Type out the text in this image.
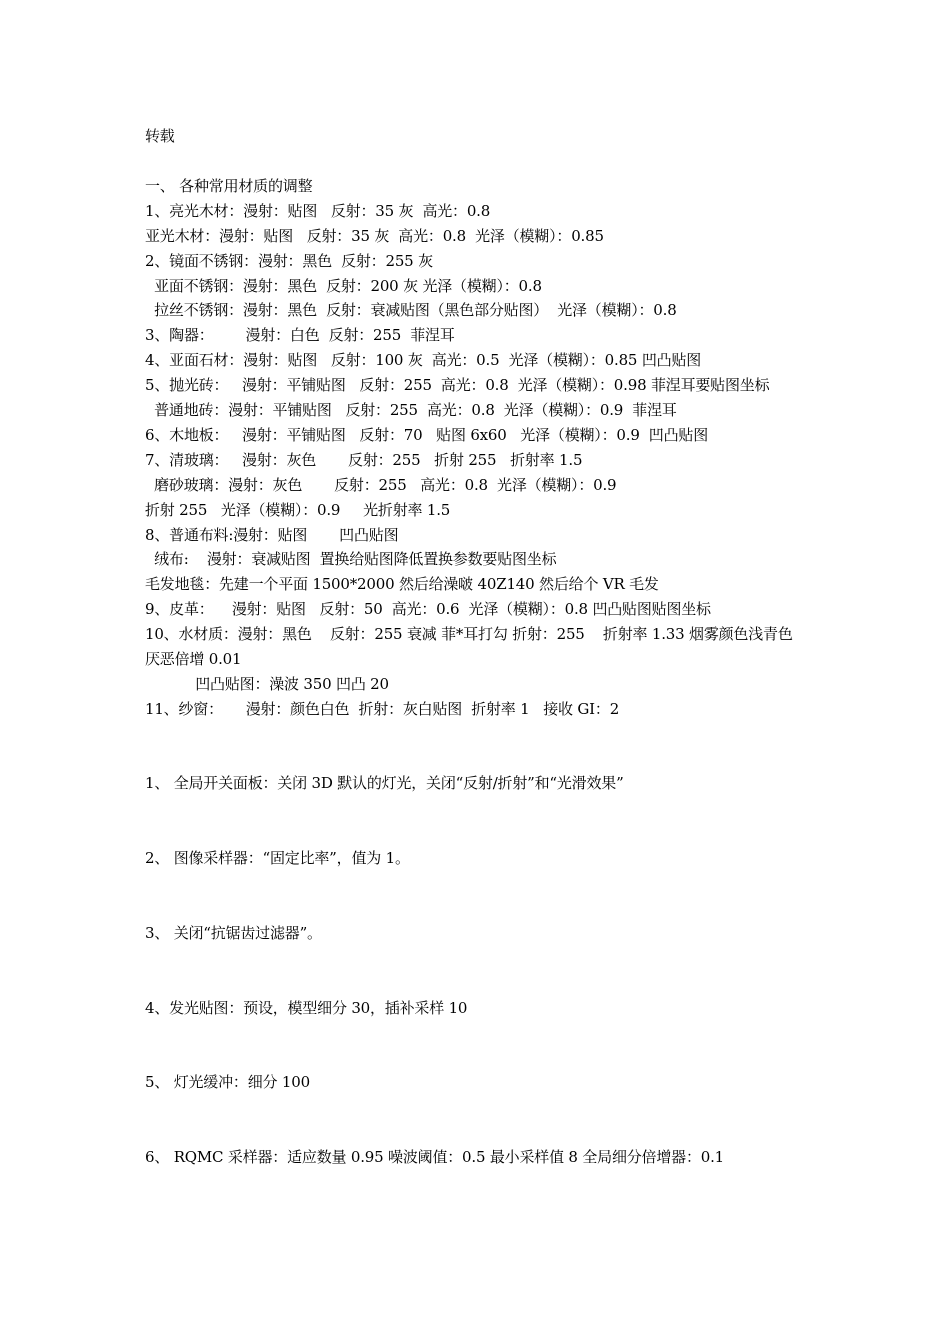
转载
一、 各种常用材质的调整
1、亮光木材：漫射：贴图   反射：35 灰  高光：0.8
亚光木材：漫射：贴图   反射：35 灰  高光：0.8  光泽（模糊）：0.85
2、镜面不锈钢：漫射：黑色  反射：255 灰
亚面不锈钢：漫射：黑色  反射：200 灰 光泽（模糊）：0.8
拉丝不锈钢：漫射：黑色  反射：衰减贴图（黑色部分贴图）  光泽（模糊）：0.8
3、陶器：       漫射：白色  反射：255  菲涅耳
4、亚面石材：漫射：贴图   反射：100 灰  高光：0.5  光泽（模糊）：0.85 凹凸贴图
5、抛光砖：   漫射：平铺贴图   反射：255  高光：0.8  光泽（模糊）：0.98 菲涅耳要贴图坐标
普通地砖：漫射：平铺贴图   反射：255  高光：0.8  光泽（模糊）：0.9  菲涅耳
6、木地板：   漫射：平铺贴图   反射：70   贴图 6x60   光泽（模糊）：0.9  凹凸贴图
7、清玻璃：   漫射：灰色       反射：255   折射 255   折射率 1.5
磨砂玻璃：漫射：灰色       反射：255   高光：0.8  光泽（模糊）：0.9
折射 255   光泽（模糊）：0.9     光折射率 1.5
8、普通布料:漫射：贴图       凹凸贴图
绒布:    漫射：衰减贴图  置换给贴图降低置换参数要贴图坐标
毛发地毯：先建一个平面 1500*2000 然后给澡啵 40Z140 然后给个 VR 毛发
9、皮革：    漫射：贴图   反射：50  高光：0.6  光泽（模糊）：0.8 凹凸贴图贴图坐标
10、水材质：漫射：黑色    反射：255 衰减 菲*耳打勾 折射：255    折射率 1.33 烟雾颜色浅青色
厌恶倍增 0.01
凹凸贴图：澡波 350 凹凸 20
11、纱窗：     漫射：颜色白色  折射：灰白贴图  折射率 1   接收 GI：2
1、 全局开关面板：关闭 3D 默认的灯光，关闭“反射/折射”和“光滑效果”
2、 图像采样器：“固定比率”，值为 1。
3、 关闭“抗锯齿过滤器”。
4、发光贴图：预设，模型细分 30，插补采样 10
5、 灯光缓冲：细分 100
6、 RQMC 采样器：适应数量 0.95 噪波阈值：0.5 最小采样值 8 全局细分倍增器：0.1
